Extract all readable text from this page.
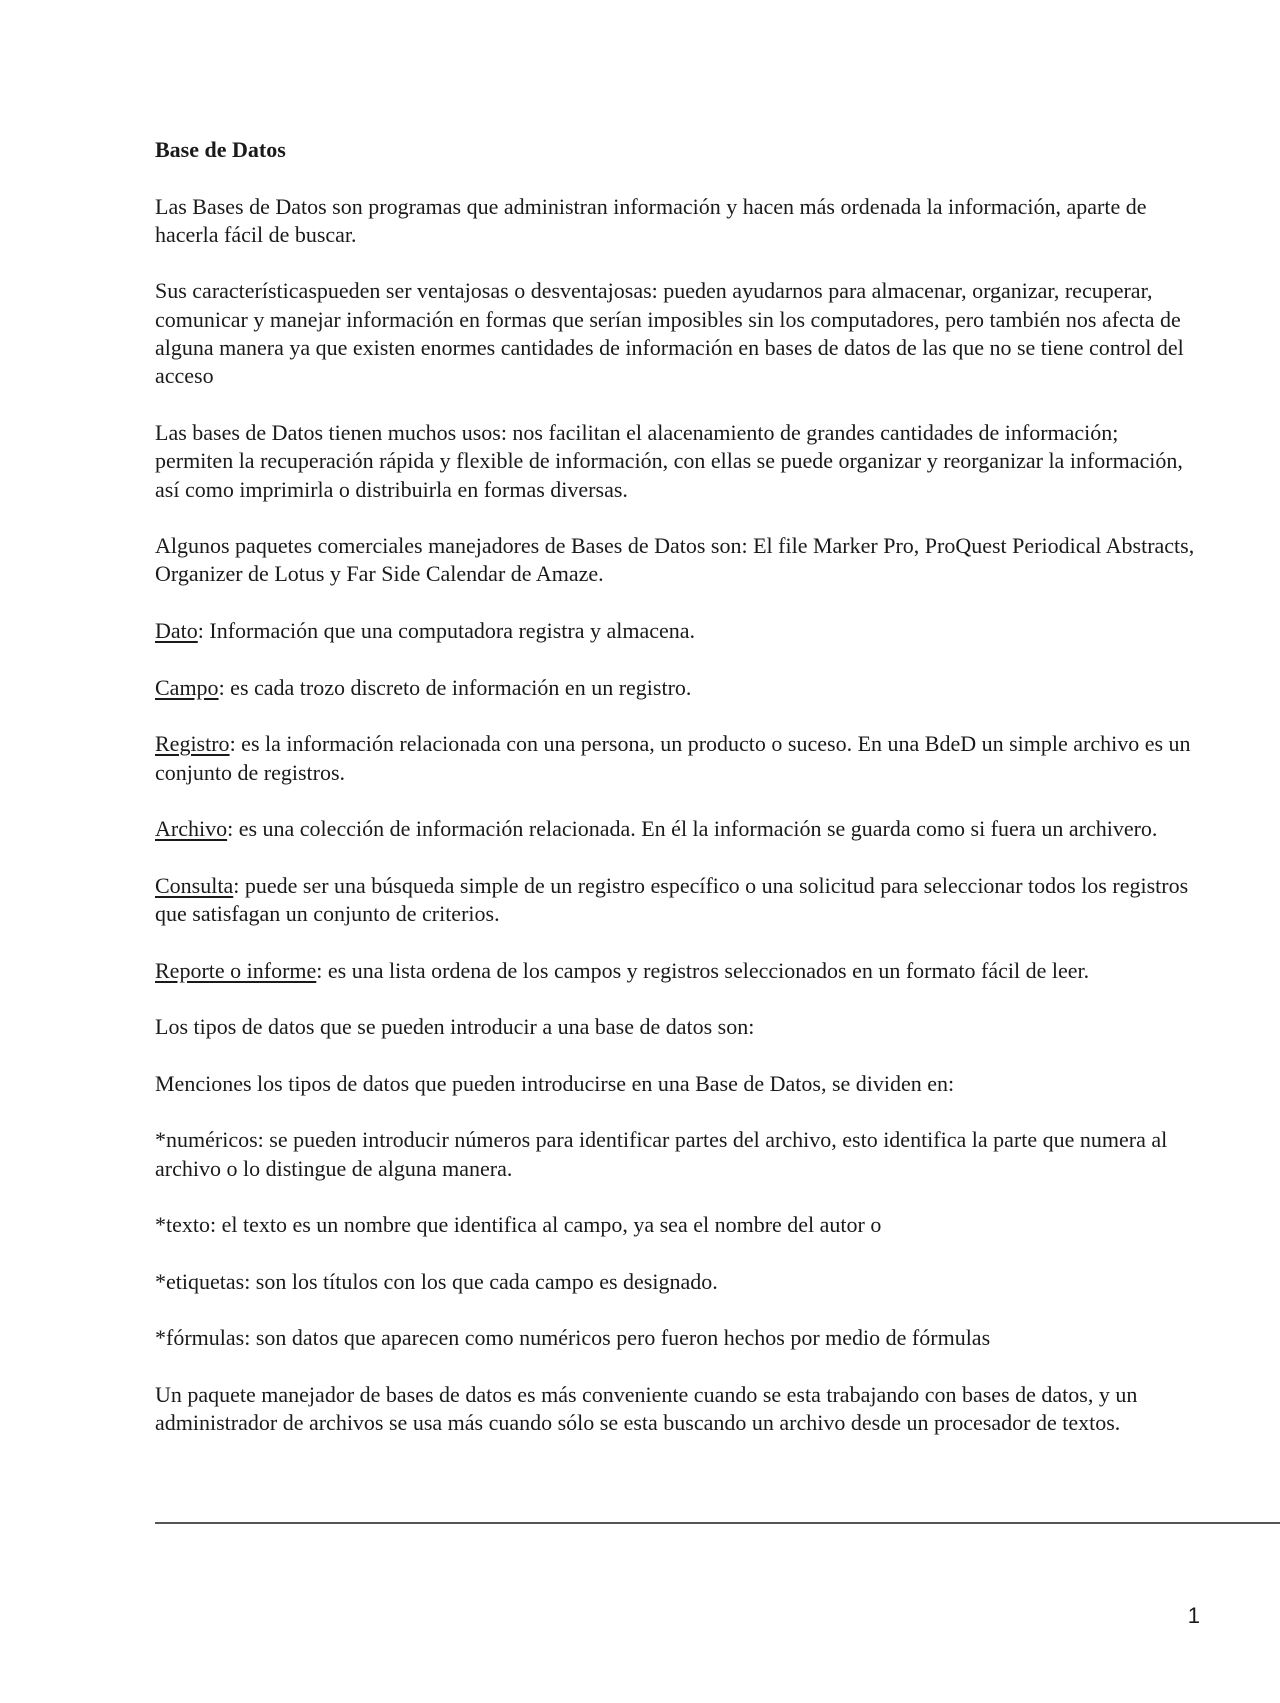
Base de Datos

Las Bases de Datos son programas que administran información y hacen más ordenada la información, aparte de hacerla fácil de buscar.

Sus característicaspueden ser ventajosas o desventajosas: pueden ayudarnos para almacenar, organizar, recuperar, comunicar y manejar información en formas que serían imposibles sin los computadores, pero también nos afecta de alguna manera ya que existen enormes cantidades de información en bases de datos de las que no se tiene control del acceso

Las bases de Datos tienen muchos usos: nos facilitan el alacenamiento de grandes cantidades de información; permiten la recuperación rápida y flexible de información, con ellas se puede organizar y reorganizar la información, así como imprimirla o distribuirla en formas diversas.

Algunos paquetes comerciales manejadores de Bases de Datos son: El file Marker Pro, ProQuest Periodical Abstracts, Organizer de Lotus y Far Side Calendar de Amaze.

Dato: Información que una computadora registra y almacena.

Campo: es cada trozo discreto de información en un registro.

Registro: es la información relacionada con una persona, un producto o suceso. En una BdeD un simple archivo es un conjunto de registros.

Archivo: es una colección de información relacionada. En él la información se guarda como si fuera un archivero.

Consulta: puede ser una búsqueda simple de un registro específico o una solicitud para seleccionar todos los registros que satisfagan un conjunto de criterios.

Reporte o informe: es una lista ordena de los campos y registros seleccionados en un formato fácil de leer.

Los tipos de datos que se pueden introducir a una base de datos son:

Menciones los tipos de datos que pueden introducirse en una Base de Datos, se dividen en:

*numéricos: se pueden introducir números para identificar partes del archivo, esto identifica la parte que numera al archivo o lo distingue de alguna manera.

*texto: el texto es un nombre que identifica al campo, ya sea el nombre del autor o

*etiquetas: son los títulos con los que cada campo es designado.

*fórmulas: son datos que aparecen como numéricos pero fueron hechos por medio de fórmulas

Un paquete manejador de bases de datos es más conveniente cuando se esta trabajando con bases de datos, y un administrador de archivos se usa más cuando sólo se esta buscando un archivo desde un procesador de textos.

1
